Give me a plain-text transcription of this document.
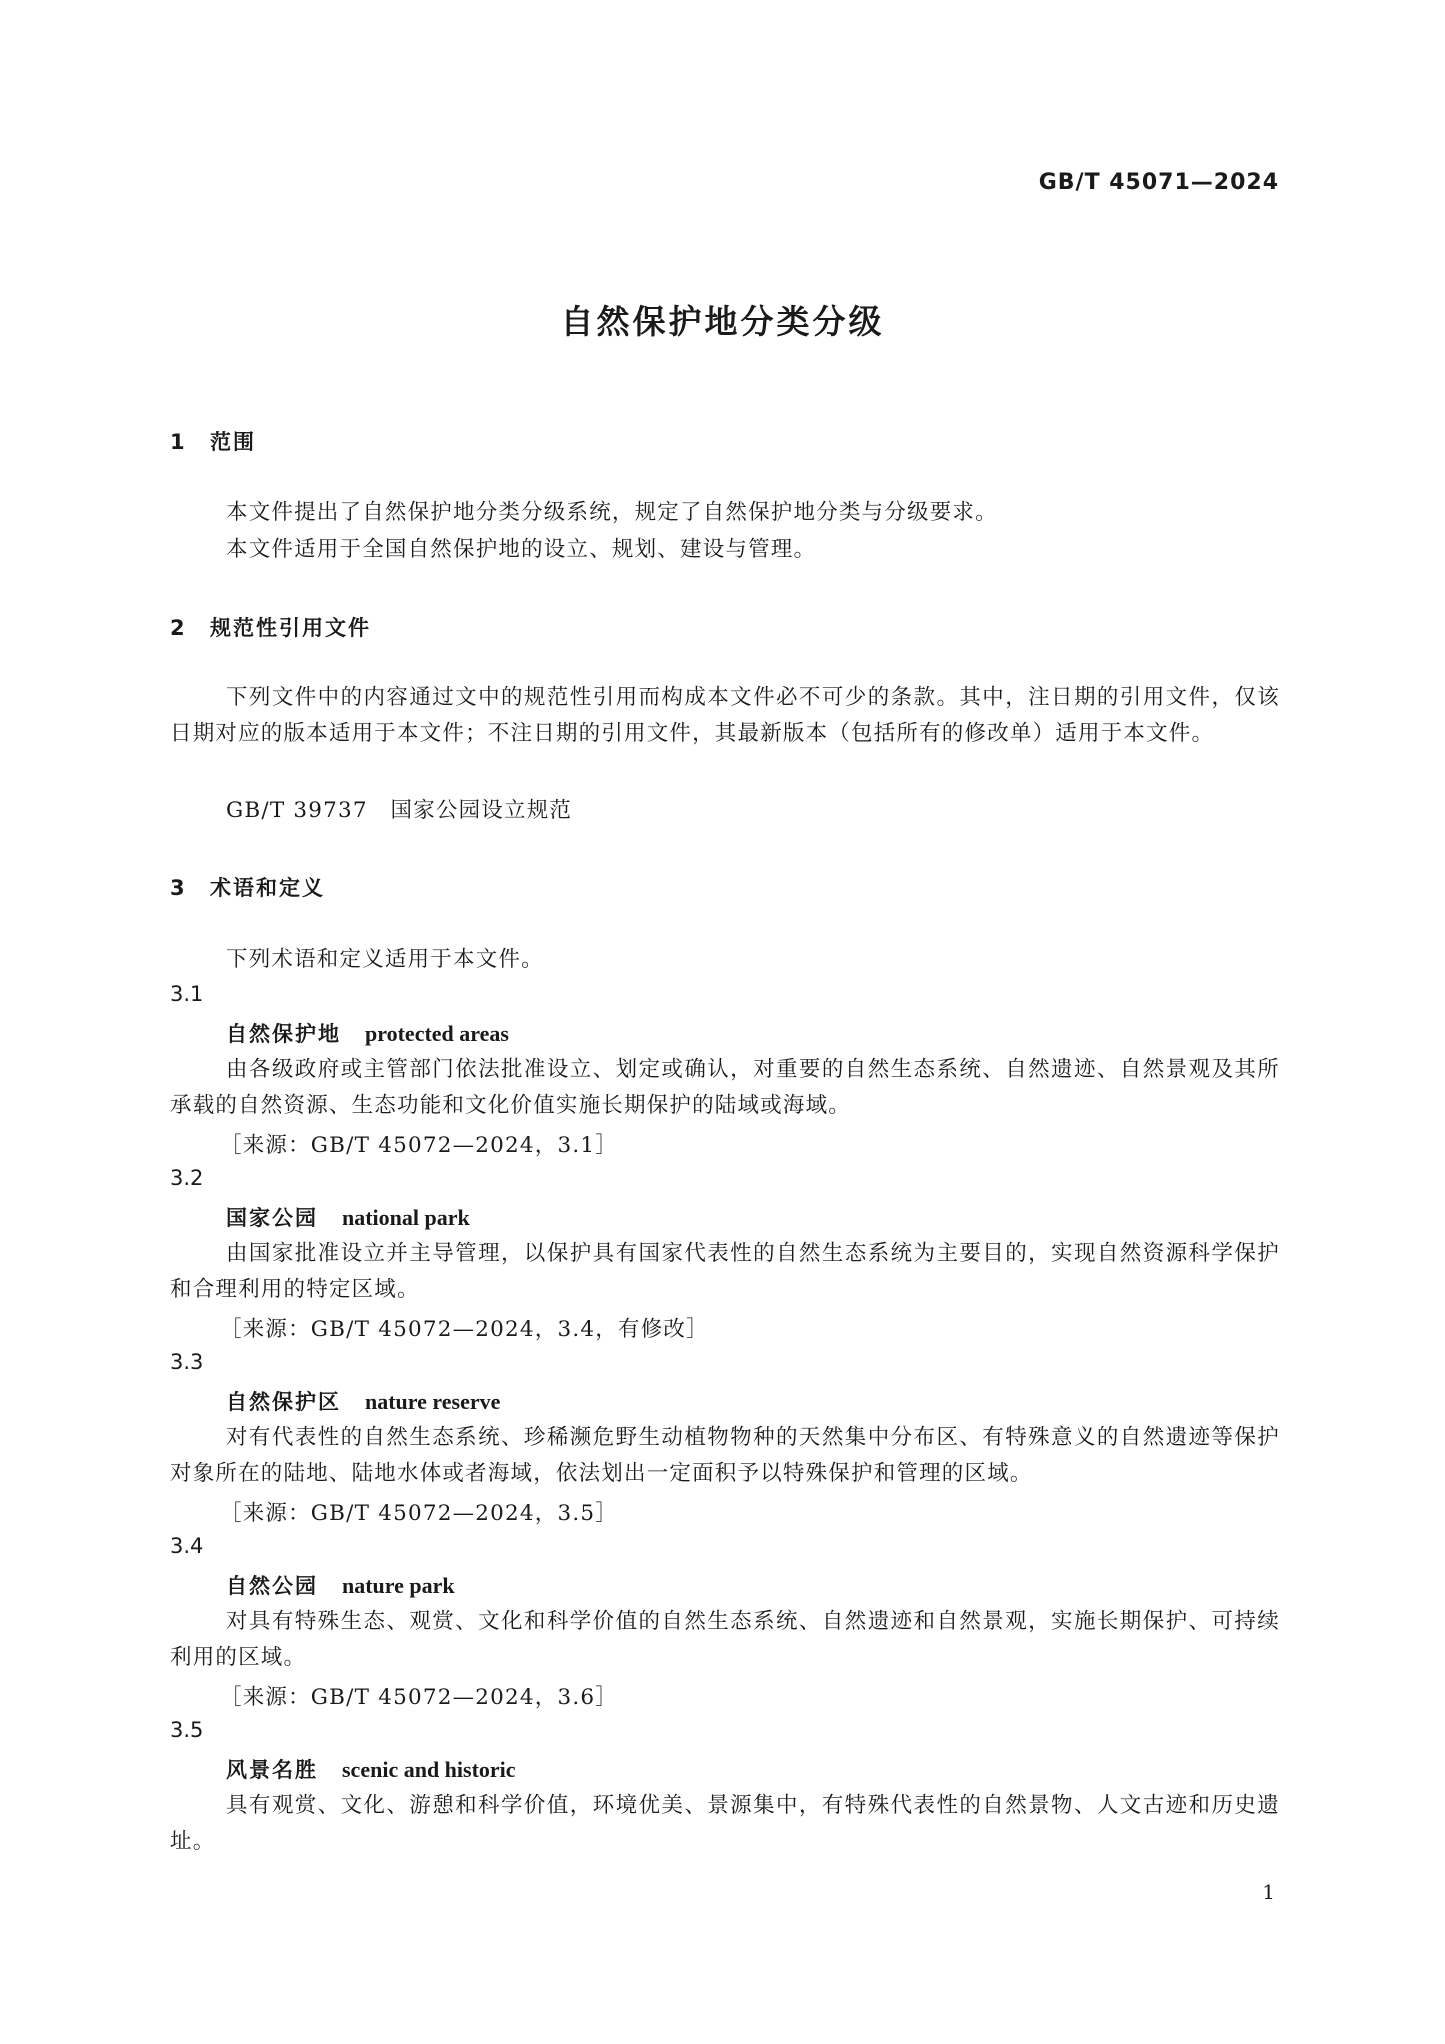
GB/T 45071—2024
自然保护地分类分级
1 范围
本文件提出了自然保护地分类分级系统，规定了自然保护地分类与分级要求。
本文件适用于全国自然保护地的设立、规划、建设与管理。
2 规范性引用文件
下列文件中的内容通过文中的规范性引用而构成本文件必不可少的条款。其中，注日期的引用文件，仅该日期对应的版本适用于本文件；不注日期的引用文件，其最新版本（包括所有的修改单）适用于本文件。
GB/T 39737　国家公园设立规范
3 术语和定义
下列术语和定义适用于本文件。
3.1
自然保护地 protected areas
由各级政府或主管部门依法批准设立、划定或确认，对重要的自然生态系统、自然遗迹、自然景观及其所承载的自然资源、生态功能和文化价值实施长期保护的陆域或海域。
［来源：GB/T 45072—2024，3.1］
3.2
国家公园 national park
由国家批准设立并主导管理，以保护具有国家代表性的自然生态系统为主要目的，实现自然资源科学保护和合理利用的特定区域。
［来源：GB/T 45072—2024，3.4，有修改］
3.3
自然保护区 nature reserve
对有代表性的自然生态系统、珍稀濒危野生动植物物种的天然集中分布区、有特殊意义的自然遗迹等保护对象所在的陆地、陆地水体或者海域，依法划出一定面积予以特殊保护和管理的区域。
［来源：GB/T 45072—2024，3.5］
3.4
自然公园 nature park
对具有特殊生态、观赏、文化和科学价值的自然生态系统、自然遗迹和自然景观，实施长期保护、可持续利用的区域。
［来源：GB/T 45072—2024，3.6］
3.5
风景名胜 scenic and historic
具有观赏、文化、游憩和科学价值，环境优美、景源集中，有特殊代表性的自然景物、人文古迹和历史遗址。
1
